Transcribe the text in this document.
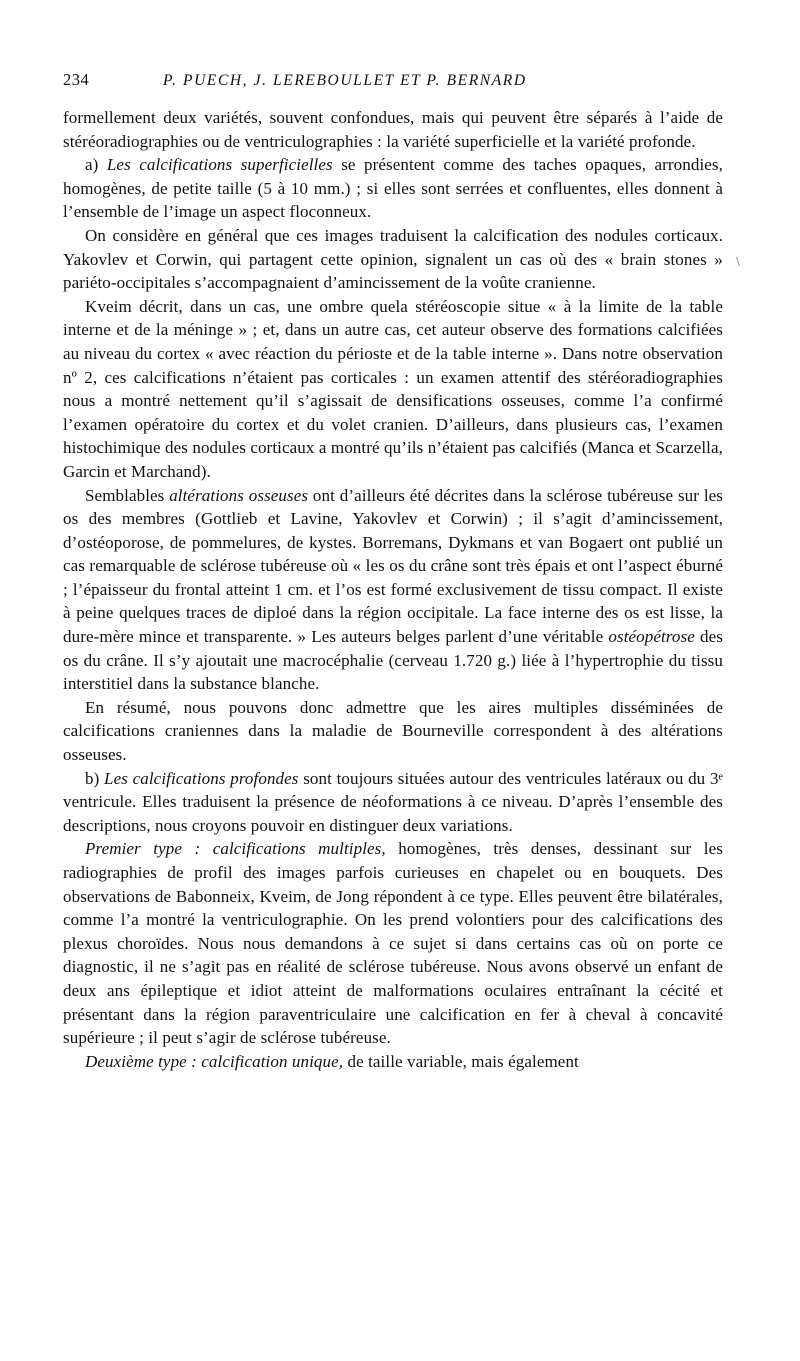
234	P. PUECH, J. LEREBOULLET ET P. BERNARD

formellement deux variétés, souvent confondues, mais qui peuvent être séparés à l’aide de stéréoradiographies ou de ventriculographies : la variété superficielle et la variété profonde.

a) Les calcifications superficielles se présentent comme des taches opaques, arrondies, homogènes, de petite taille (5 à 10 mm.) ; si elles sont serrées et confluentes, elles donnent à l’ensemble de l’image un aspect floconneux.

On considère en général que ces images traduisent la calcification des nodules corticaux. Yakovlev et Corwin, qui partagent cette opinion, signalent un cas où des « brain stones » pariéto-occipitales s’accompagnaient d’amincissement de la voûte cranienne.

Kveim décrit, dans un cas, une ombre quela stéréoscopie situe « à la limite de la table interne et de la méninge » ; et, dans un autre cas, cet auteur observe des formations calcifiées au niveau du cortex « avec réaction du périoste et de la table interne ». Dans notre observation nº 2, ces calcifications n’étaient pas corticales : un examen attentif des stéréoradiographies nous a montré nettement qu’il s’agissait de densifications osseuses, comme l’a confirmé l’examen opératoire du cortex et du volet cranien. D’ailleurs, dans plusieurs cas, l’examen histochimique des nodules corticaux a montré qu’ils n’étaient pas calcifiés (Manca et Scarzella, Garcin et Marchand).

Semblables altérations osseuses ont d’ailleurs été décrites dans la sclérose tubéreuse sur les os des membres (Gottlieb et Lavine, Yakovlev et Corwin) ; il s’agit d’amincissement, d’ostéoporose, de pommelures, de kystes. Borremans, Dykmans et van Bogaert ont publié un cas remarquable de sclérose tubéreuse où « les os du crâne sont très épais et ont l’aspect éburné ; l’épaisseur du frontal atteint 1 cm. et l’os est formé exclusivement de tissu compact. Il existe à peine quelques traces de diploé dans la région occipitale. La face interne des os est lisse, la dure-mère mince et transparente. » Les auteurs belges parlent d’une véritable ostéopétrose des os du crâne. Il s’y ajoutait une macrocéphalie (cerveau 1.720 g.) liée à l’hypertrophie du tissu interstitiel dans la substance blanche.

En résumé, nous pouvons donc admettre que les aires multiples disséminées de calcifications craniennes dans la maladie de Bourneville correspondent à des altérations osseuses.

b) Les calcifications profondes sont toujours situées autour des ventricules latéraux ou du 3ᵉ ventricule. Elles traduisent la présence de néoformations à ce niveau. D’après l’ensemble des descriptions, nous croyons pouvoir en distinguer deux variations.

Premier type : calcifications multiples, homogènes, très denses, dessinant sur les radiographies de profil des images parfois curieuses en chapelet ou en bouquets. Des observations de Babonneix, Kveim, de Jong répondent à ce type. Elles peuvent être bilatérales, comme l’a montré la ventriculographie. On les prend volontiers pour des calcifications des plexus choroïdes. Nous nous demandons à ce sujet si dans certains cas où on porte ce diagnostic, il ne s’agit pas en réalité de sclérose tubéreuse. Nous avons observé un enfant de deux ans épileptique et idiot atteint de malformations oculaires entraînant la cécité et présentant dans la région paraventriculaire une calcification en fer à cheval à concavité supérieure ; il peut s’agir de sclérose tubéreuse.

Deuxième type : calcification unique, de taille variable, mais également

\
